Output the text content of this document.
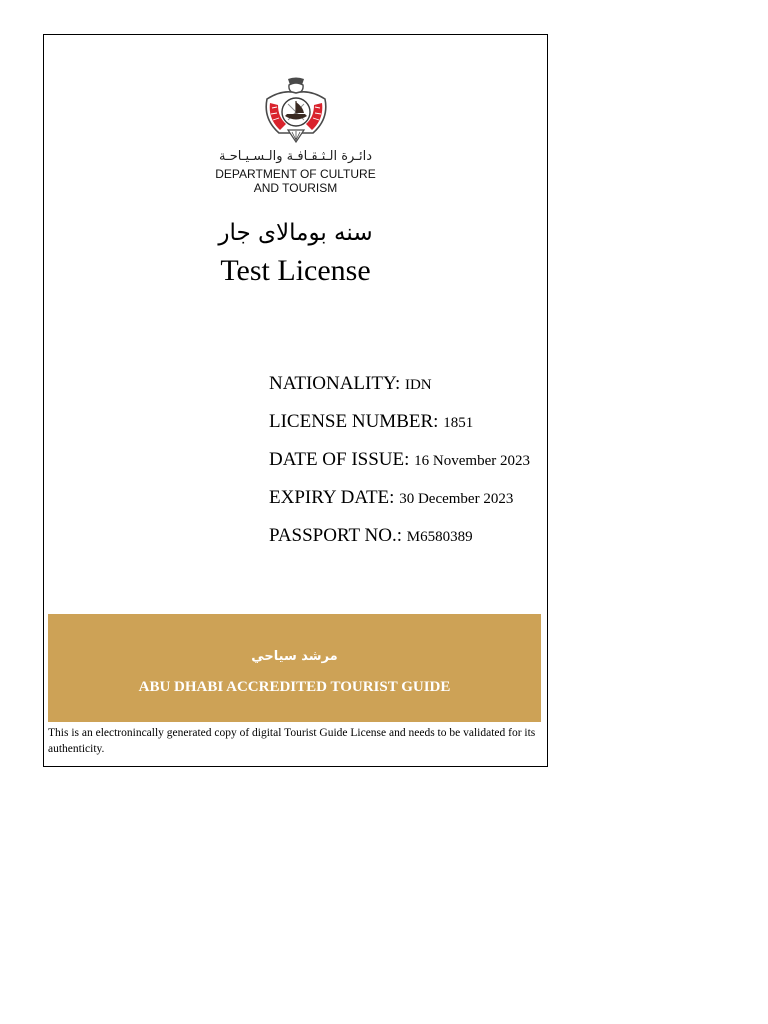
دائـرة الـثـقـافـة والـسـيـاحـة
DEPARTMENT OF CULTURE
AND TOURISM
سنه بومالای جار
Test License
NATIONALITY: IDN
LICENSE NUMBER: 1851
DATE OF ISSUE: 16 November 2023
EXPIRY DATE: 30 December 2023
PASSPORT NO.: M6580389
مرشد سياحي
ABU DHABI ACCREDITED TOURIST GUIDE
This is an electronincally generated copy of digital Tourist Guide License and needs to be validated for its authenticity.
